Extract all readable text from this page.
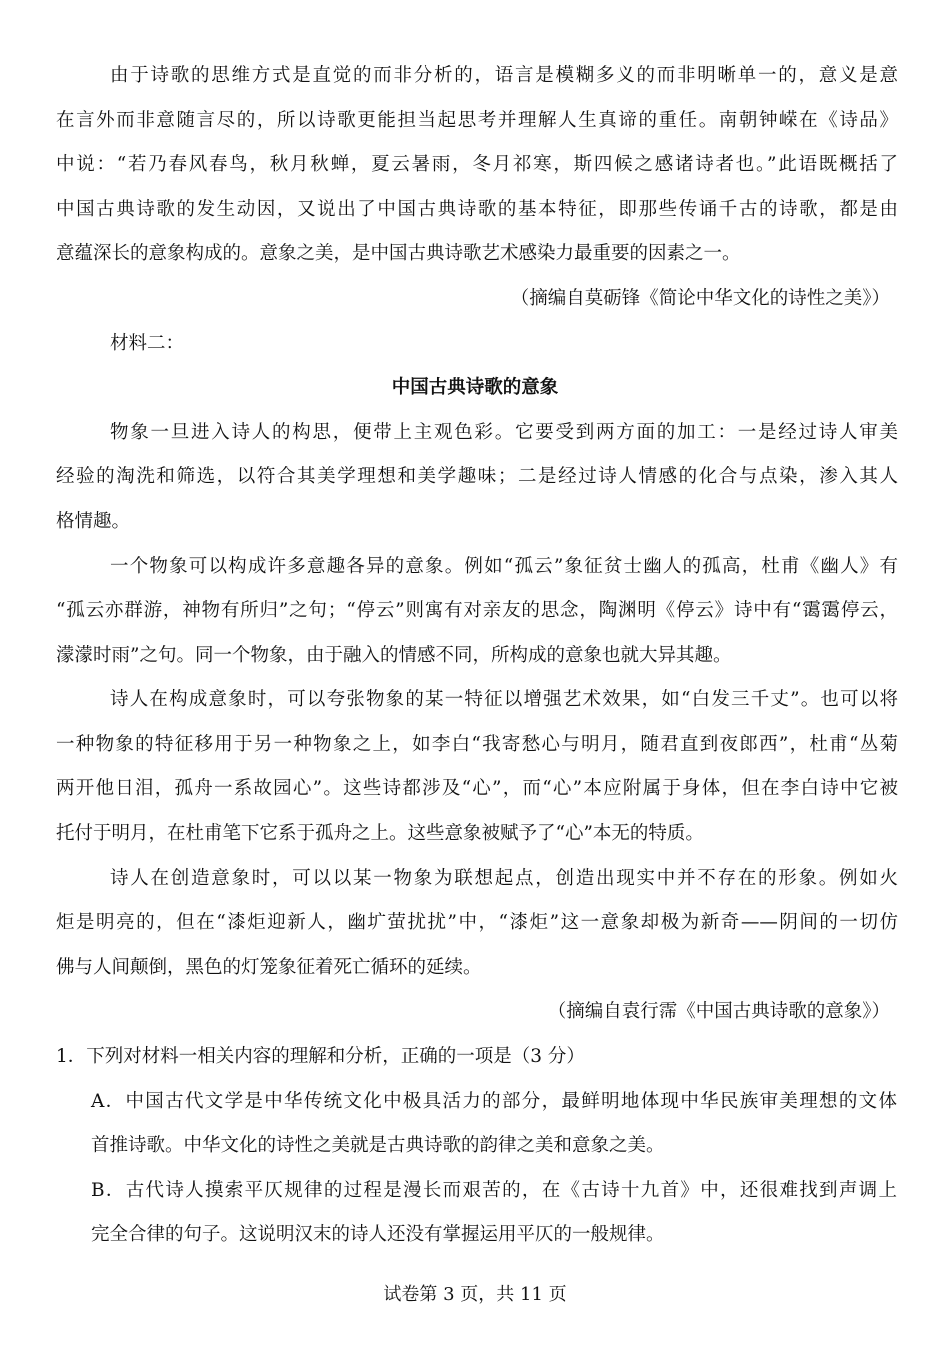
由于诗歌的思维方式是直觉的而非分析的，语言是模糊多义的而非明晰单一的，意义是意
在言外而非意随言尽的，所以诗歌更能担当起思考并理解人生真谛的重任。南朝钟嵘在《诗品》
中说：“若乃春风春鸟，秋月秋蝉，夏云暑雨，冬月祁寒，斯四候之感诸诗者也。”此语既概括了
中国古典诗歌的发生动因，又说出了中国古典诗歌的基本特征，即那些传诵千古的诗歌，都是由
意蕴深长的意象构成的。意象之美，是中国古典诗歌艺术感染力最重要的因素之一。
（摘编自莫砺锋《简论中华文化的诗性之美》）
材料二：
中国古典诗歌的意象
物象一旦进入诗人的构思，便带上主观色彩。它要受到两方面的加工：一是经过诗人审美
经验的淘洗和筛选，以符合其美学理想和美学趣味；二是经过诗人情感的化合与点染，渗入其人
格情趣。
一个物象可以构成许多意趣各异的意象。例如“孤云”象征贫士幽人的孤高，杜甫《幽人》有
“孤云亦群游，神物有所归”之句；“停云”则寓有对亲友的思念，陶渊明《停云》诗中有“霭霭停云，
濛濛时雨”之句。同一个物象，由于融入的情感不同，所构成的意象也就大异其趣。
诗人在构成意象时，可以夸张物象的某一特征以增强艺术效果，如“白发三千丈”。也可以将
一种物象的特征移用于另一种物象之上，如李白“我寄愁心与明月，随君直到夜郎西”，杜甫“丛菊
两开他日泪，孤舟一系故园心”。这些诗都涉及“心”，而“心”本应附属于身体，但在李白诗中它被
托付于明月，在杜甫笔下它系于孤舟之上。这些意象被赋予了“心”本无的特质。
诗人在创造意象时，可以以某一物象为联想起点，创造出现实中并不存在的形象。例如火
炬是明亮的，但在“漆炬迎新人，幽圹萤扰扰”中，“漆炬”这一意象却极为新奇——阴间的一切仿
佛与人间颠倒，黑色的灯笼象征着死亡循环的延续。
（摘编自袁行霈《中国古典诗歌的意象》）
1．下列对材料一相关内容的理解和分析，正确的一项是（3 分）
A．中国古代文学是中华传统文化中极具活力的部分，最鲜明地体现中华民族审美理想的文体
首推诗歌。中华文化的诗性之美就是古典诗歌的韵律之美和意象之美。
B．古代诗人摸索平仄规律的过程是漫长而艰苦的，在《古诗十九首》中，还很难找到声调上
完全合律的句子。这说明汉末的诗人还没有掌握运用平仄的一般规律。
试卷第 3 页，共 11 页
